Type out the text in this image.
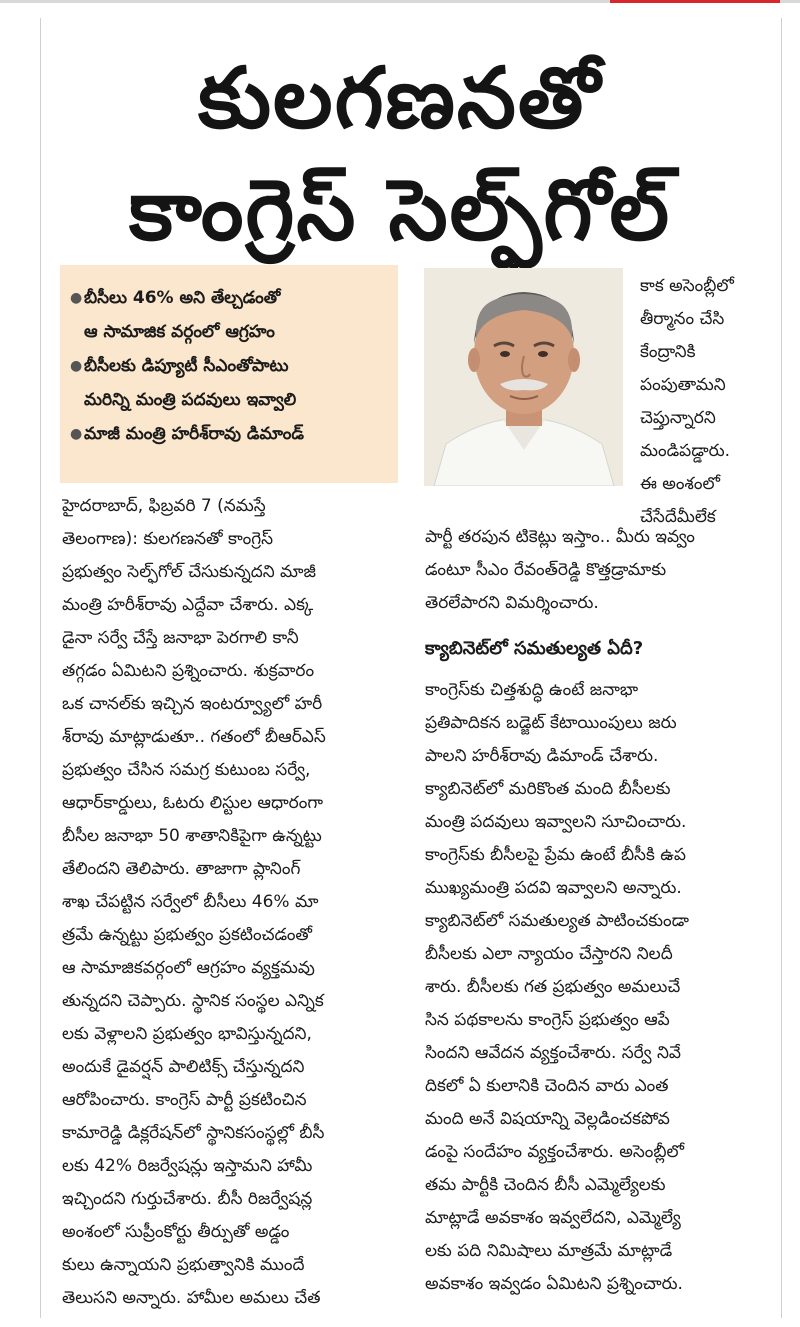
కులగణనతో
కాంగ్రెస్ సెల్ఫ్‌గోల్
● బీసీలు 46% అని తేల్చడంతో
ఆ సామాజిక వర్గంలో ఆగ్రహం
● బీసీలకు డిప్యూటీ సీఎంతోపాటు
మరిన్ని మంత్రి పదవులు ఇవ్వాలి
● మాజీ మంత్రి హరీశ్‌రావు డిమాండ్

కాక అసెంబ్లీలో

తీర్మానం చేసి

కేంద్రానికి

పంపుతామని

చెప్తున్నారని

మండిపడ్డారు.

ఈ అంశంలో

చేసేదేమీలేక

హైదరాబాద్, ఫిబ్రవరి 7 (నమస్తే

తెలంగాణ): కులగణనతో కాంగ్రెస్

ప్రభుత్వం సెల్ఫ్‌గోల్ చేసుకున్నదని మాజీ

మంత్రి హరీశ్‌రావు ఎద్దేవా చేశారు. ఎక్క

డైనా సర్వే చేస్తే జనాభా పెరగాలి కానీ

తగ్గడం ఏమిటని ప్రశ్నించారు. శుక్రవారం

ఒక చానల్‌కు ఇచ్చిన ఇంటర్వ్యూలో హరీ

శ్‌రావు మాట్లాడుతూ.. గతంలో బీఆర్‌ఎస్

ప్రభుత్వం చేసిన సమగ్ర కుటుంబ సర్వే,

ఆధార్‌కార్డులు, ఓటరు లిస్టుల ఆధారంగా

బీసీల జనాభా 50 శాతానికిపైగా ఉన్నట్టు

తేలిందని తెలిపారు. తాజాగా ప్లానింగ్

శాఖ చేపట్టిన సర్వేలో బీసీలు 46% మా

త్రమే ఉన్నట్టు ప్రభుత్వం ప్రకటించడంతో

ఆ సామాజికవర్గంలో ఆగ్రహం వ్యక్తమవు

తున్నదని చెప్పారు. స్థానిక సంస్థల ఎన్నిక

లకు వెళ్లాలని ప్రభుత్వం భావిస్తున్నదని,

అందుకే డైవర్షన్ పాలిటిక్స్ చేస్తున్నదని

ఆరోపించారు. కాంగ్రెస్ పార్టీ ప్రకటించిన

కామారెడ్డి డిక్లరేషన్‌లో స్థానికసంస్థల్లో బీసీ

లకు 42% రిజర్వేషన్లు ఇస్తామని హామీ

ఇచ్చిందని గుర్తుచేశారు. బీసీ రిజర్వేషన్ల

అంశంలో సుప్రీంకోర్టు తీర్పుతో అడ్డం

కులు ఉన్నాయని ప్రభుత్వానికి ముందే

తెలుసని అన్నారు. హామీల అమలు చేత

పార్టీ తరపున టికెట్లు ఇస్తాం.. మీరు ఇవ్వం

డంటూ సీఎం రేవంత్‌రెడ్డి కొత్తడ్రామాకు

తెరలేపారని విమర్శించారు.

క్యాబినెట్‌లో సమతుల్యత ఏదీ?

కాంగ్రెస్‌కు చిత్తశుద్ధి ఉంటే జనాభా

ప్రతిపాదికన బడ్జెట్ కేటాయింపులు జరు

పాలని హరీశ్‌రావు డిమాండ్ చేశారు.

క్యాబినెట్‌లో మరికొంత మంది బీసీలకు

మంత్రి పదవులు ఇవ్వాలని సూచించారు.

కాంగ్రెస్‌కు బీసీలపై ప్రేమ ఉంటే బీసీకి ఉప

ముఖ్యమంత్రి పదవి ఇవ్వాలని అన్నారు.

క్యాబినెట్‌లో సమతుల్యత పాటించకుండా

బీసీలకు ఎలా న్యాయం చేస్తారని నిలదీ

శారు. బీసీలకు గత ప్రభుత్వం అమలుచే

సిన పథకాలను కాంగ్రెస్ ప్రభుత్వం ఆపే

సిందని ఆవేదన వ్యక్తంచేశారు. సర్వే నివే

దికలో ఏ కులానికి చెందిన వారు ఎంత

మంది అనే విషయాన్ని వెల్లడించకపోవ

డంపై సందేహం వ్యక్తంచేశారు. అసెంబ్లీలో

తమ పార్టీకి చెందిన బీసీ ఎమ్మెల్యేలకు

మాట్లాడే అవకాశం ఇవ్వలేదని, ఎమ్మెల్యే

లకు పది నిమిషాలు మాత్రమే మాట్లాడే

అవకాశం ఇవ్వడం ఏమిటని ప్రశ్నించారు.
